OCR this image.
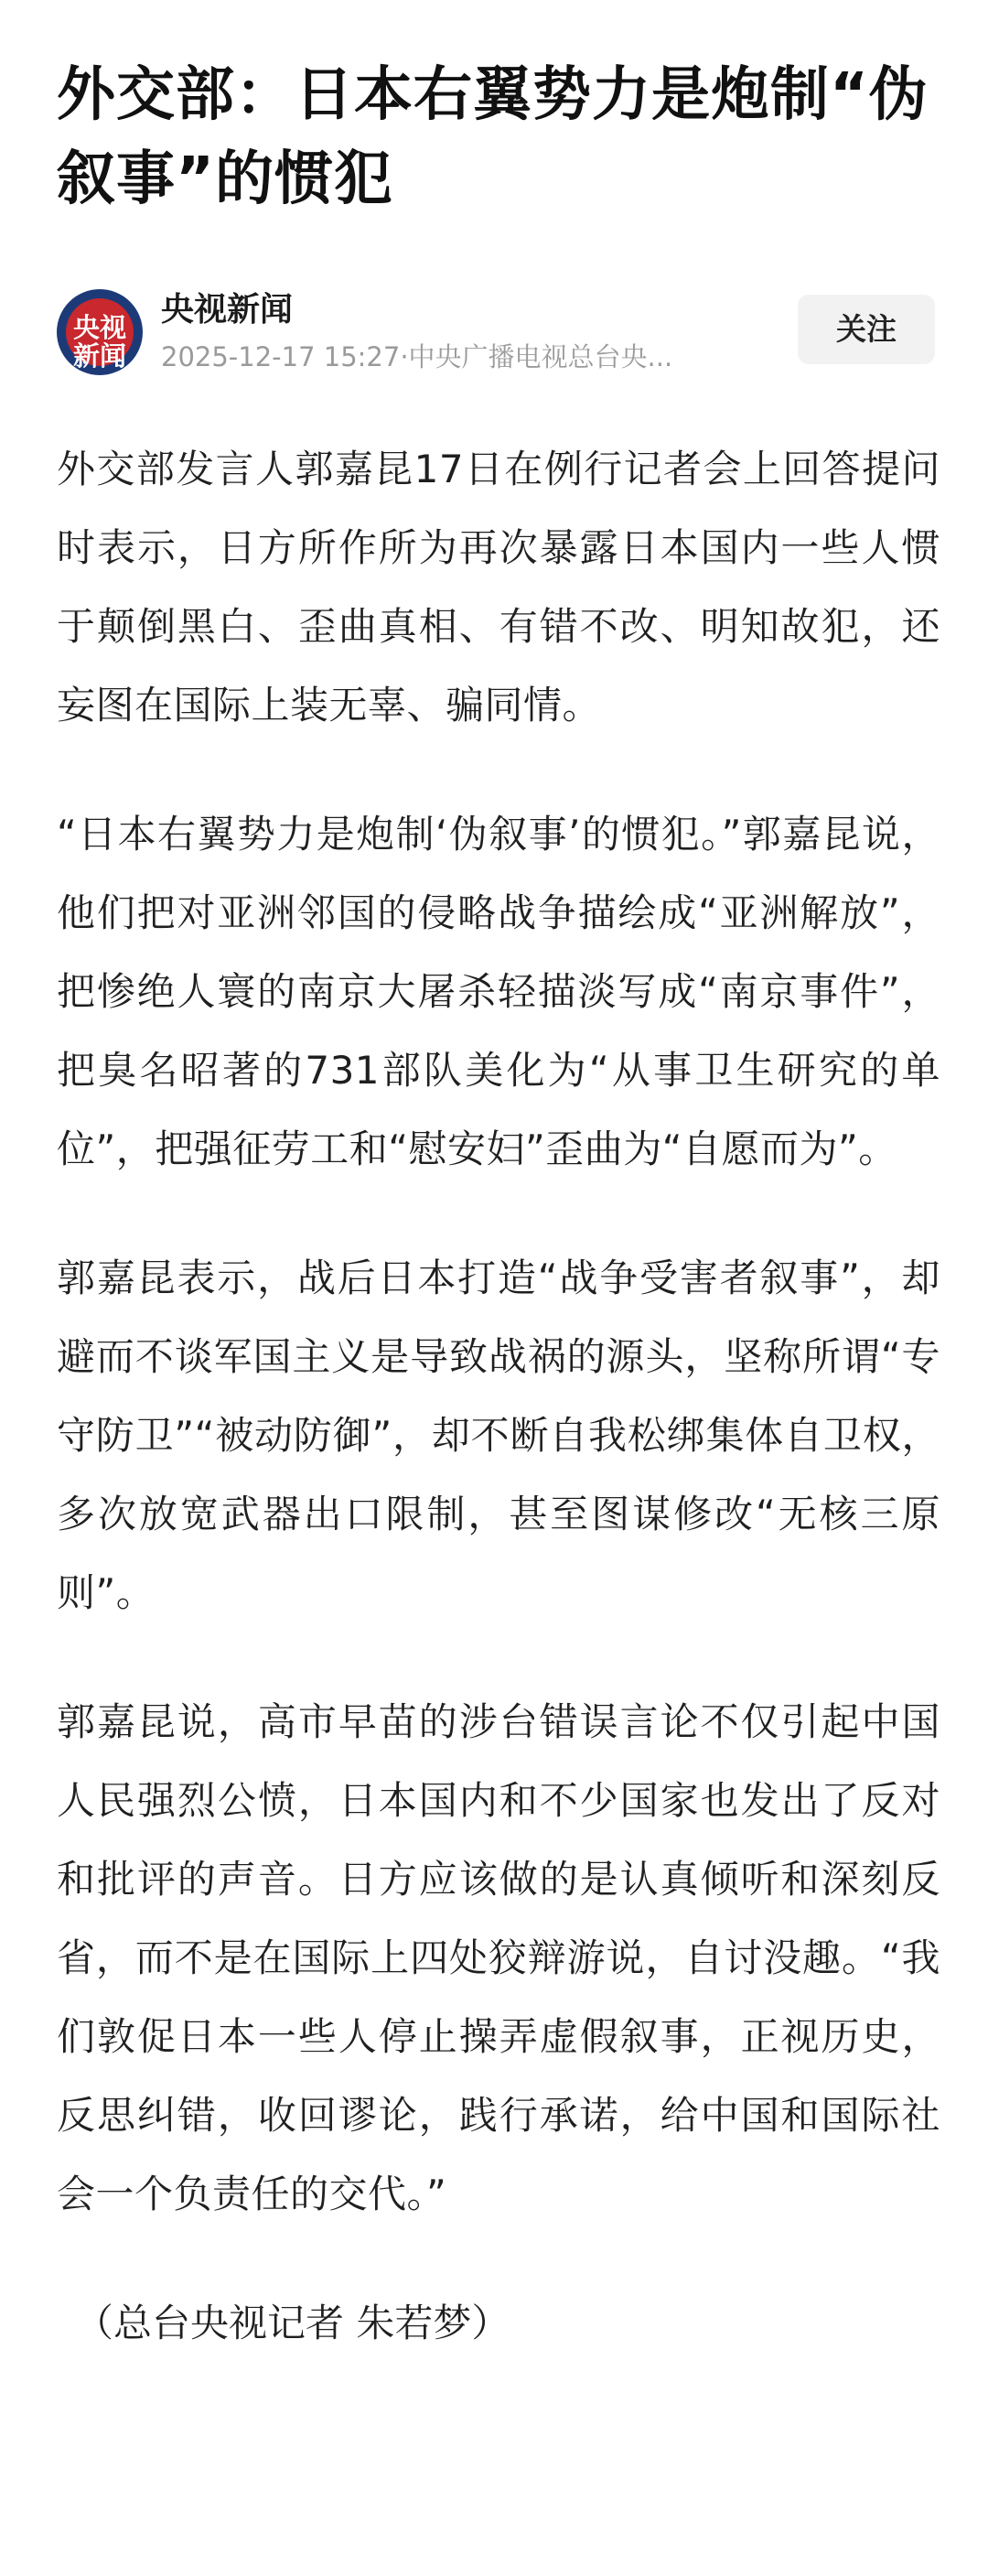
外交部：日本右翼势力是炮制“伪叙事”的惯犯
央视
新闻
央视新闻
2025-12-17 15:27·中央广播电视总台央...
关注

外交部发言人郭嘉昆17日在例行记者会上回答提问时表示，日方所作所为再次暴露日本国内一些人惯于颠倒黑白、歪曲真相、有错不改、明知故犯，还妄图在国际上装无辜、骗同情。

“日本右翼势力是炮制‘伪叙事’的惯犯。”郭嘉昆说，他们把对亚洲邻国的侵略战争描绘成“亚洲解放”，把惨绝人寰的南京大屠杀轻描淡写成“南京事件”，把臭名昭著的731部队美化为“从事卫生研究的单位”，把强征劳工和“慰安妇”歪曲为“自愿而为”。

郭嘉昆表示，战后日本打造“战争受害者叙事”，却避而不谈军国主义是导致战祸的源头，坚称所谓“专守防卫”“被动防御”，却不断自我松绑集体自卫权，多次放宽武器出口限制，甚至图谋修改“无核三原则”。

郭嘉昆说，高市早苗的涉台错误言论不仅引起中国人民强烈公愤，日本国内和不少国家也发出了反对和批评的声音。日方应该做的是认真倾听和深刻反省，而不是在国际上四处狡辩游说，自讨没趣。“我们敦促日本一些人停止操弄虚假叙事，正视历史，反思纠错，收回谬论，践行承诺，给中国和国际社会一个负责任的交代。”

（总台央视记者 朱若梦）
